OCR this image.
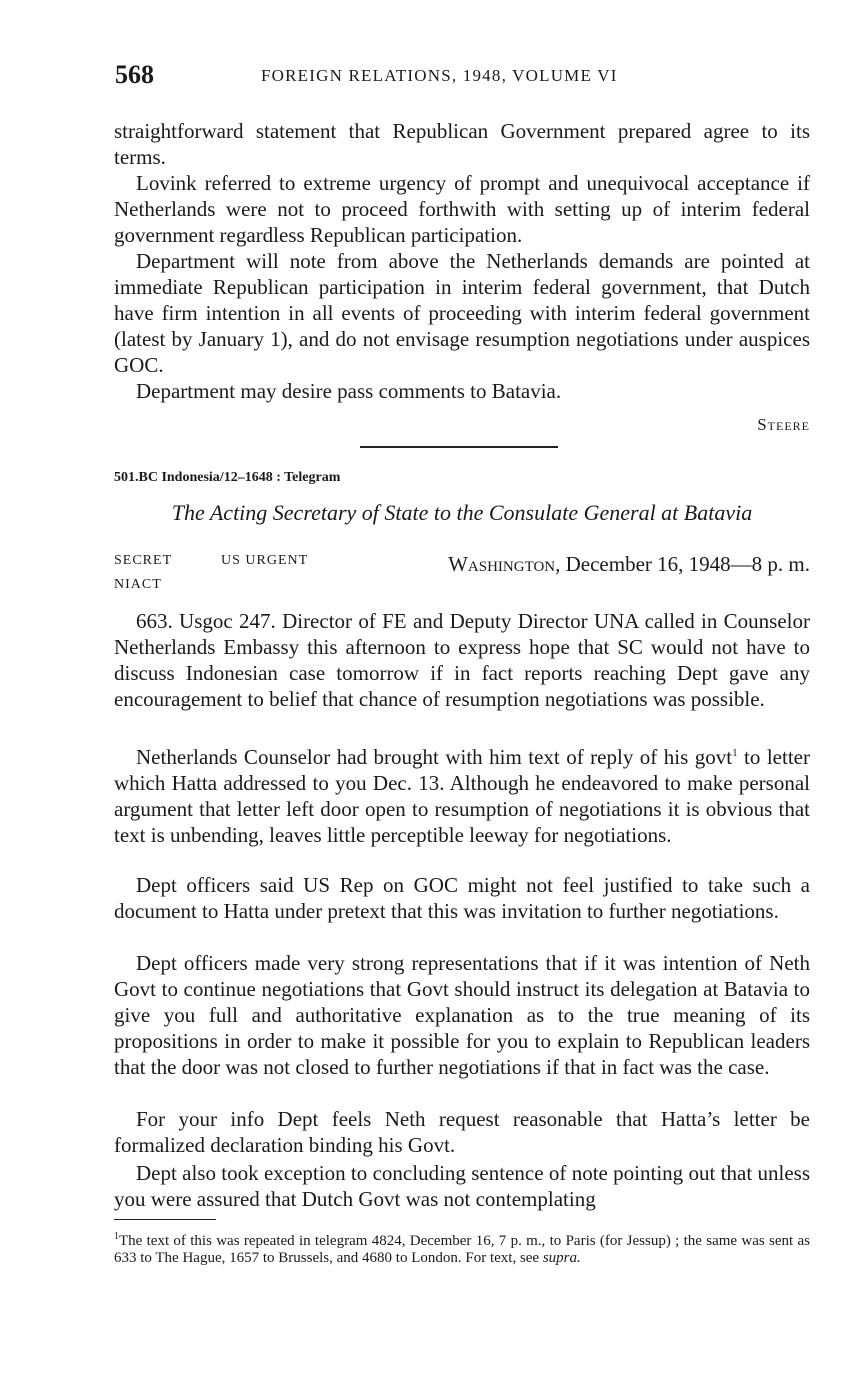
568	FOREIGN RELATIONS, 1948, VOLUME VI
straightforward statement that Republican Government prepared agree to its terms.
Lovink referred to extreme urgency of prompt and unequivocal acceptance if Netherlands were not to proceed forthwith with setting up of interim federal government regardless Republican participation.
Department will note from above the Netherlands demands are pointed at immediate Republican participation in interim federal government, that Dutch have firm intention in all events of proceeding with interim federal government (latest by January 1), and do not envisage resumption negotiations under auspices GOC.
Department may desire pass comments to Batavia.
Steere
501.BC Indonesia/12–1648 : Telegram
The Acting Secretary of State to the Consulate General at Batavia
SECRET	US URGENT
NIACT
Washington, December 16, 1948—8 p. m.
663. Usgoc 247. Director of FE and Deputy Director UNA called in Counselor Netherlands Embassy this afternoon to express hope that SC would not have to discuss Indonesian case tomorrow if in fact reports reaching Dept gave any encouragement to belief that chance of resumption negotiations was possible.
Netherlands Counselor had brought with him text of reply of his govt$^1$ to letter which Hatta addressed to you Dec. 13. Although he endeavored to make personal argument that letter left door open to resumption of negotiations it is obvious that text is unbending, leaves little perceptible leeway for negotiations.
Dept officers said US Rep on GOC might not feel justified to take such a document to Hatta under pretext that this was invitation to further negotiations.
Dept officers made very strong representations that if it was intention of Neth Govt to continue negotiations that Govt should instruct its delegation at Batavia to give you full and authoritative explanation as to the true meaning of its propositions in order to make it possible for you to explain to Republican leaders that the door was not closed to further negotiations if that in fact was the case.
For your info Dept feels Neth request reasonable that Hatta’s letter be formalized declaration binding his Govt.
Dept also took exception to concluding sentence of note pointing out that unless you were assured that Dutch Govt was not contemplating
$^1$The text of this was repeated in telegram 4824, December 16, 7 p. m., to Paris (for Jessup) ; the same was sent as 633 to The Hague, 1657 to Brussels, and 4680 to London. For text, see supra.
